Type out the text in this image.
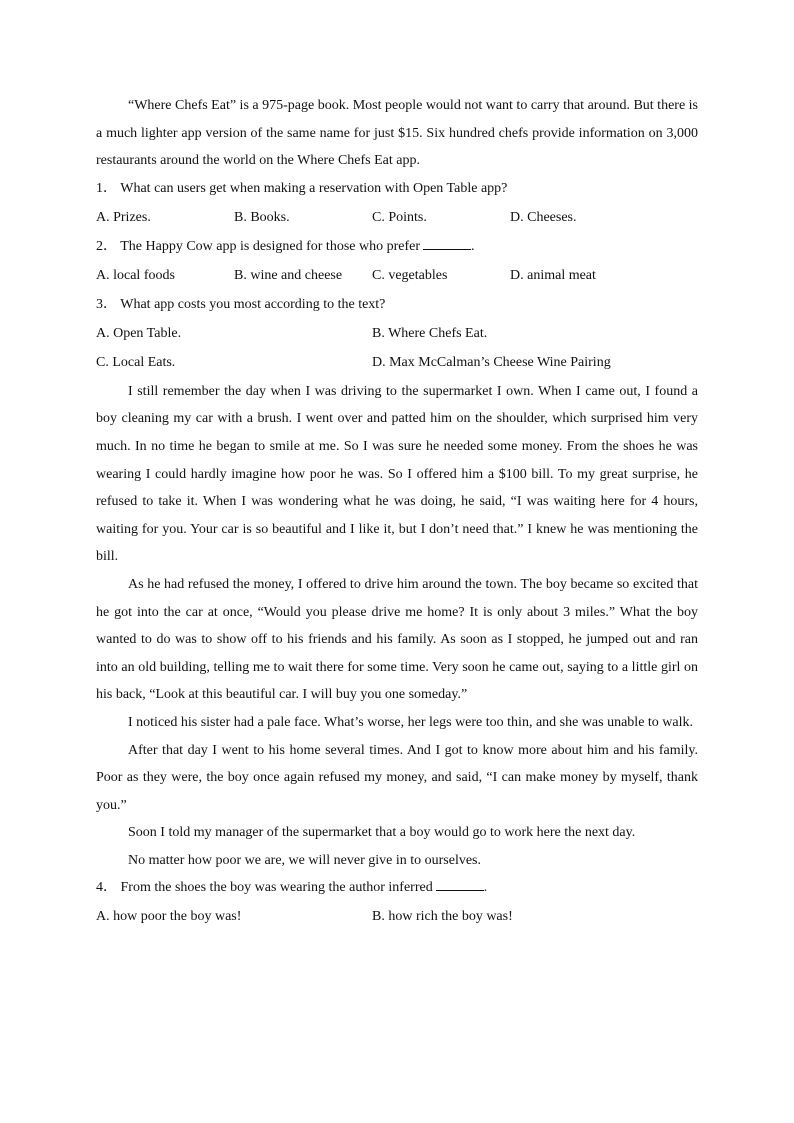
“Where Chefs Eat” is a 975-page book. Most people would not want to carry that around. But there is a much lighter app version of the same name for just $15. Six hundred chefs provide information on 3,000 restaurants around the world on the Where Chefs Eat app.

1． What can users get when making a reservation with Open Table app?
A. Prizes.	B. Books.	C. Points.	D. Cheeses.
2． The Happy Cow app is designed for those who prefer	.
A. local foods	B. wine and cheese	C. vegetables	D. animal meat
3． What app costs you most according to the text?
A. Open Table.	B. Where Chefs Eat.
C. Local Eats.	D. Max McCalman’s Cheese Wine Pairing

I still remember the day when I was driving to the supermarket I own. When I came out, I found a boy cleaning my car with a brush. I went over and patted him on the shoulder, which surprised him very much. In no time he began to smile at me. So I was sure he needed some money. From the shoes he was wearing I could hardly imagine how poor he was. So I offered him a $100 bill. To my great surprise, he refused to take it. When I was wondering what he was doing, he said, “I was waiting here for 4 hours, waiting for you. Your car is so beautiful and I like it, but I don’t need that.” I knew he was mentioning the bill.

As he had refused the money, I offered to drive him around the town. The boy became so excited that he got into the car at once, “Would you please drive me home? It is only about 3 miles.” What the boy wanted to do was to show off to his friends and his family. As soon as I stopped, he jumped out and ran into an old building, telling me to wait there for some time. Very soon he came out, saying to a little girl on his back, “Look at this beautiful car. I will buy you one someday.”

I noticed his sister had a pale face. What’s worse, her legs were too thin, and she was unable to walk.

After that day I went to his home several times. And I got to know more about him and his family. Poor as they were, the boy once again refused my money, and said, “I can make money by myself, thank you.”

Soon I told my manager of the supermarket that a boy would go to work here the next day.

No matter how poor we are, we will never give in to ourselves.

4． From the shoes the boy was wearing the author inferred	.
A. how poor the boy was!	B. how rich the boy was!
